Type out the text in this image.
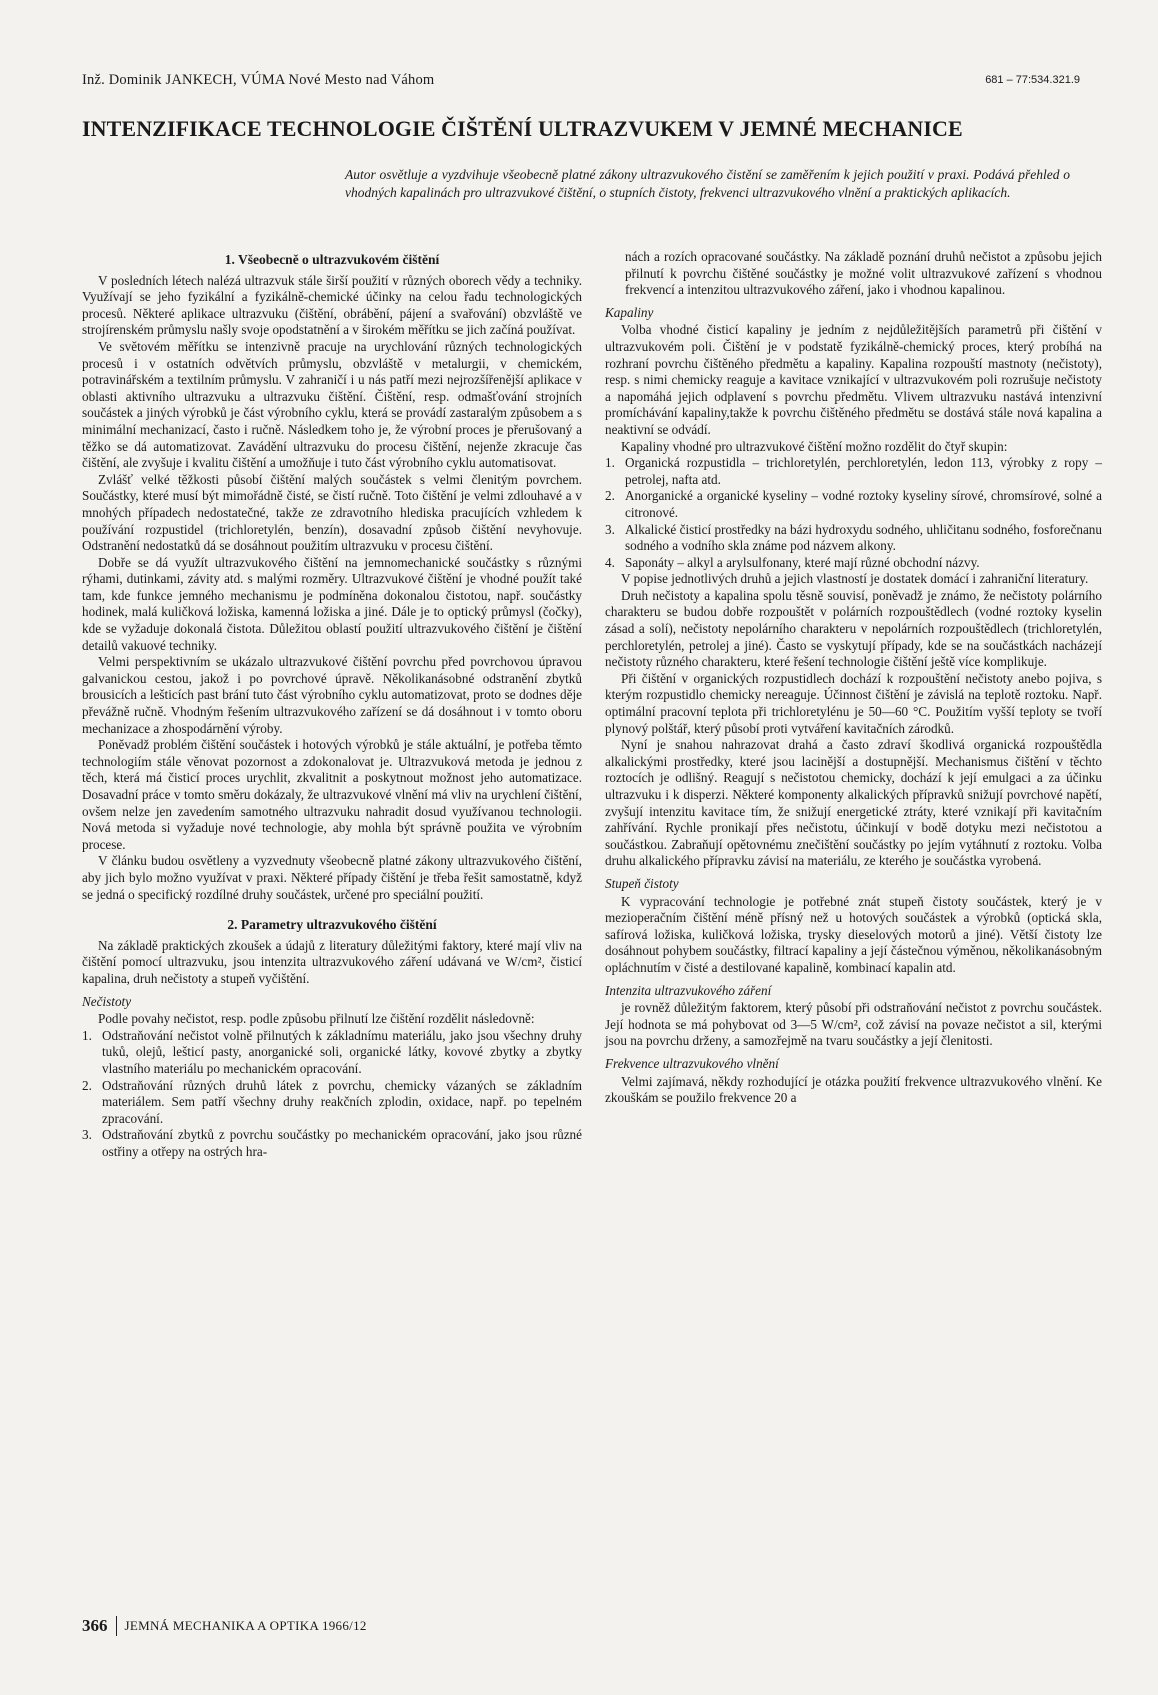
Inž. Dominik JANKECH, VÚMA Nové Mesto nad Váhom	681 – 77:534.321.9
INTENZIFIKACE TECHNOLOGIE ČIŠTĚNÍ ULTRAZVUKEM V JEMNÉ MECHANICE
Autor osvětluje a vyzdvihuje všeobecně platné zákony ultrazvukového čistění se zaměřením k jejich použití v praxi. Podává přehled o vhodných kapalinách pro ultrazvukové čištění, o stupních čistoty, frekvenci ultrazvukového vlnění a praktických aplikacích.
1. Všeobecně o ultrazvukovém čištění

V posledních létech nalézá ultrazvuk stále širší použití v různých oborech vědy a techniky. Využívají se jeho fyzikální a fyzikálně-chemické účinky na celou řadu technologických procesů. Některé aplikace ultrazvuku (čištění, obrábění, pájení a svařování) obzvláště ve strojírenském průmyslu našly svoje opodstatnění a v širokém měřítku se jich začíná používat.

Ve světovém měřítku se intenzivně pracuje na urychlování různých technologických procesů i v ostatních odvětvích průmyslu, obzvláště v metalurgii, v chemickém, potravinářském a textilním průmyslu. V zahraničí i u nás patří mezi nejrozšířenější aplikace v oblasti aktivního ultrazvuku a ultrazvuku čištění. Čištění, resp. odmašťování strojních součástek a jiných výrobků je část výrobního cyklu, která se provádí zastaralým způsobem a s minimální mechanizací, často i ručně. Následkem toho je, že výrobní proces je přerušovaný a těžko se dá automatizovat. Zavádění ultrazvuku do procesu čištění, nejenže zkracuje čas čištění, ale zvyšuje i kvalitu čištění a umožňuje i tuto část výrobního cyklu automatisovat.

Zvlášť velké těžkosti působí čištění malých součástek s velmi členitým povrchem. Součástky, které musí být mimořádně čisté, se čistí ručně. Toto čištění je velmi zdlouhavé a v mnohých případech nedostatečné, takže ze zdravotního hlediska pracujících vzhledem k používání rozpustidel (trichloretylén, benzín), dosavadní způsob čištění nevyhovuje. Odstranění nedostatků dá se dosáhnout použitím ultrazvuku v procesu čištění.

Dobře se dá využít ultrazvukového čištění na jemnomechanické součástky s různými rýhami, dutinkami, závity atd. s malými rozměry. Ultrazvukové čištění je vhodné použít také tam, kde funkce jemného mechanismu je podmíněna dokonalou čistotou, např. součástky hodinek, malá kuličková ložiska, kamenná ložiska a jiné. Dále je to optický průmysl (čočky), kde se vyžaduje dokonalá čistota. Důležitou oblastí použití ultrazvukového čištění je čištění detailů vakuové techniky.

Velmi perspektivním se ukázalo ultrazvukové čištění povrchu před povrchovou úpravou galvanickou cestou, jakož i po povrchové úpravě. Několikanásobné odstranění zbytků brousicích a lešticích past brání tuto část výrobního cyklu automatizovat, proto se dodnes děje převážně ručně. Vhodným řešením ultrazvukového zařízení se dá dosáhnout i v tomto oboru mechanizace a zhospodárnění výroby.

Poněvadž problém čištění součástek i hotových výrobků je stále aktuální, je potřeba těmto technologiím stále věnovat pozornost a zdokonalovat je. Ultrazvuková metoda je jednou z těch, která má čisticí proces urychlit, zkvalitnit a poskytnout možnost jeho automatizace. Dosavadní práce v tomto směru dokázaly, že ultrazvukové vlnění má vliv na urychlení čištění, ovšem nelze jen zavedením samotného ultrazvuku nahradit dosud využívanou technologii. Nová metoda si vyžaduje nové technologie, aby mohla být správně použita ve výrobním procese.

V článku budou osvětleny a vyzvednuty všeobecně platné zákony ultrazvukového čištění, aby jich bylo možno využívat v praxi. Některé případy čištění je třeba řešit samostatně, když se jedná o specifický rozdílné druhy součástek, určené pro speciální použití.

2. Parametry ultrazvukového čištění

Na základě praktických zkoušek a údajů z literatury důležitými faktory, které mají vliv na čištění pomocí ultrazvuku, jsou intenzita ultrazvukového záření udávaná ve W/cm², čisticí kapalina, druh nečistoty a stupeň vyčištění.

Nečistoty

Podle povahy nečistot, resp. podle způsobu přilnutí lze čištění rozdělit následovně:

1. Odstraňování nečistot volně přilnutých k základnímu materiálu, jako jsou všechny druhy tuků, olejů, lešticí pasty, anorganické soli, organické látky, kovové zbytky a zbytky vlastního materiálu po mechanickém opracování.
2. Odstraňování různých druhů látek z povrchu, chemicky vázaných se základním materiálem. Sem patří všechny druhy reakčních zplodin, oxidace, např. po tepelném zpracování.
3. Odstraňování zbytků z povrchu součástky po mechanickém opracování, jako jsou různé ostřiny a otřepy na ostrých hra-

nách a rozích opracované součástky. Na základě poznání druhů nečistot a způsobu jejich přilnutí k povrchu čištěné součástky je možné volit ultrazvukové zařízení s vhodnou frekvencí a intenzitou ultrazvukového záření, jako i vhodnou kapalinou.

Kapaliny

Volba vhodné čisticí kapaliny je jedním z nejdůležitějších parametrů při čištění v ultrazvukovém poli. Čištění je v podstatě fyzikálně-chemický proces, který probíhá na rozhraní povrchu čištěného předmětu a kapaliny. Kapalina rozpouští mastnoty (nečistoty), resp. s nimi chemicky reaguje a kavitace vznikající v ultrazvukovém poli rozrušuje nečistoty a napomáhá jejich odplavení s povrchu předmětu. Vlivem ultrazvuku nastává intenzivní promíchávání kapaliny,takže k povrchu čištěného předmětu se dostává stále nová kapalina a neaktivní se odvádí.

Kapaliny vhodné pro ultrazvukové čištění možno rozdělit do čtyř skupin:

1. Organická rozpustidla – trichloretylén, perchloretylén, ledon 113, výrobky z ropy – petrolej, nafta atd.
2. Anorganické a organické kyseliny – vodné roztoky kyseliny sírové, chromsírové, solné a citronové.
3. Alkalické čisticí prostředky na bázi hydroxydu sodného, uhličitanu sodného, fosforečnanu sodného a vodního skla známe pod názvem alkony.
4. Saponáty – alkyl a arylsulfonany, které mají různé obchodní názvy.

V popise jednotlivých druhů a jejich vlastností je dostatek domácí i zahraniční literatury.

Druh nečistoty a kapalina spolu těsně souvisí, poněvadž je známo, že nečistoty polárního charakteru se budou dobře rozpouštět v polárních rozpouštědlech (vodné roztoky kyselin zásad a solí), nečistoty nepolárního charakteru v nepolárních rozpouštědlech (trichloretylén, perchloretylén, petrolej a jiné). Často se vyskytují případy, kde se na součástkách nacházejí nečistoty různého charakteru, které řešení technologie čištění ještě více komplikuje.

Při čištění v organických rozpustidlech dochází k rozpouštění nečistoty anebo pojiva, s kterým rozpustidlo chemicky nereaguje. Účinnost čištění je závislá na teplotě roztoku. Např. optimální pracovní teplota při trichloretylénu je 50—60 °C. Použitím vyšší teploty se tvoří plynový polštář, který působí proti vytváření kavitačních zárodků.

Nyní je snahou nahrazovat drahá a často zdraví škodlivá organická rozpouštědla alkalickými prostředky, které jsou lacinější a dostupnější. Mechanismus čištění v těchto roztocích je odlišný. Reagují s nečistotou chemicky, dochází k její emulgaci a za účinku ultrazvuku i k disperzi. Některé komponenty alkalických přípravků snižují povrchové napětí, zvyšují intenzitu kavitace tím, že snižují energetické ztráty, které vznikají při kavitačním zahřívání. Rychle pronikají přes nečistotu, účinkují v bodě dotyku mezi nečistotou a součástkou. Zabraňují opětovnému znečištění součástky po jejím vytáhnutí z roztoku. Volba druhu alkalického přípravku závisí na materiálu, ze kterého je součástka vyrobená.

Stupeň čistoty

K vypracování technologie je potřebné znát stupeň čistoty součástek, který je v mezioperačním čištění méně přísný než u hotových součástek a výrobků (optická skla, safírová ložiska, kuličková ložiska, trysky dieselových motorů a jiné). Větší čistoty lze dosáhnout pohybem součástky, filtrací kapaliny a její částečnou výměnou, několikanásobným opláchnutím v čisté a destilované kapalině, kombinací kapalin atd.

Intenzita ultrazvukového záření

je rovněž důležitým faktorem, který působí při odstraňování nečistot z povrchu součástek. Její hodnota se má pohybovat od 3—5 W/cm², což závisí na povaze nečistot a sil, kterými jsou na povrchu drženy, a samozřejmě na tvaru součástky a její členitosti.

Frekvence ultrazvukového vlnění

Velmi zajímavá, někdy rozhodující je otázka použití frekvence ultrazvukového vlnění. Ke zkouškám se použilo frekvence 20 a

366 JEMNÁ MECHANIKA A OPTIKA 1966/12
